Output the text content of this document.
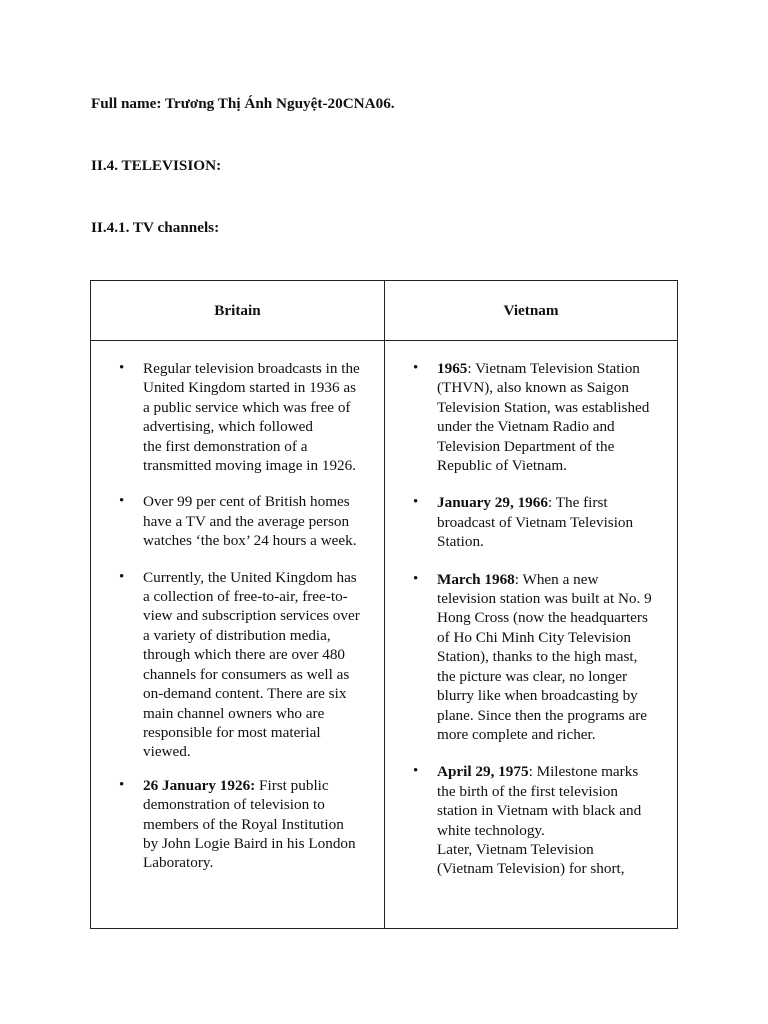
Full name: Trương Thị Ánh Nguyệt-20CNA06.
II.4. TELEVISION:
II.4.1. TV channels:
Britain	Vietnam
• Regular television broadcasts in the
United Kingdom started in 1936 as
a public service which was free of
advertising, which followed
the first demonstration of a
transmitted moving image in 1926.
• Over 99 per cent of British homes
have a TV and the average person
watches ‘the box’ 24 hours a week.
• Currently, the United Kingdom has
a collection of free-to-air, free-to-
view and subscription services over
a variety of distribution media,
through which there are over 480
channels for consumers as well as
on-demand content. There are six
main channel owners who are
responsible for most material
viewed.
• 26 January 1926: First public
demonstration of television to
members of the Royal Institution
by John Logie Baird in his London
Laboratory.
• 1965: Vietnam Television Station
(THVN), also known as Saigon
Television Station, was established
under the Vietnam Radio and
Television Department of the
Republic of Vietnam.
• January 29, 1966: The first
broadcast of Vietnam Television
Station.
• March 1968: When a new
television station was built at No. 9
Hong Cross (now the headquarters
of Ho Chi Minh City Television
Station), thanks to the high mast,
the picture was clear, no longer
blurry like when broadcasting by
plane. Since then the programs are
more complete and richer.
• April 29, 1975: Milestone marks
the birth of the first television
station in Vietnam with black and
white technology.
Later, Vietnam Television
(Vietnam Television) for short,
